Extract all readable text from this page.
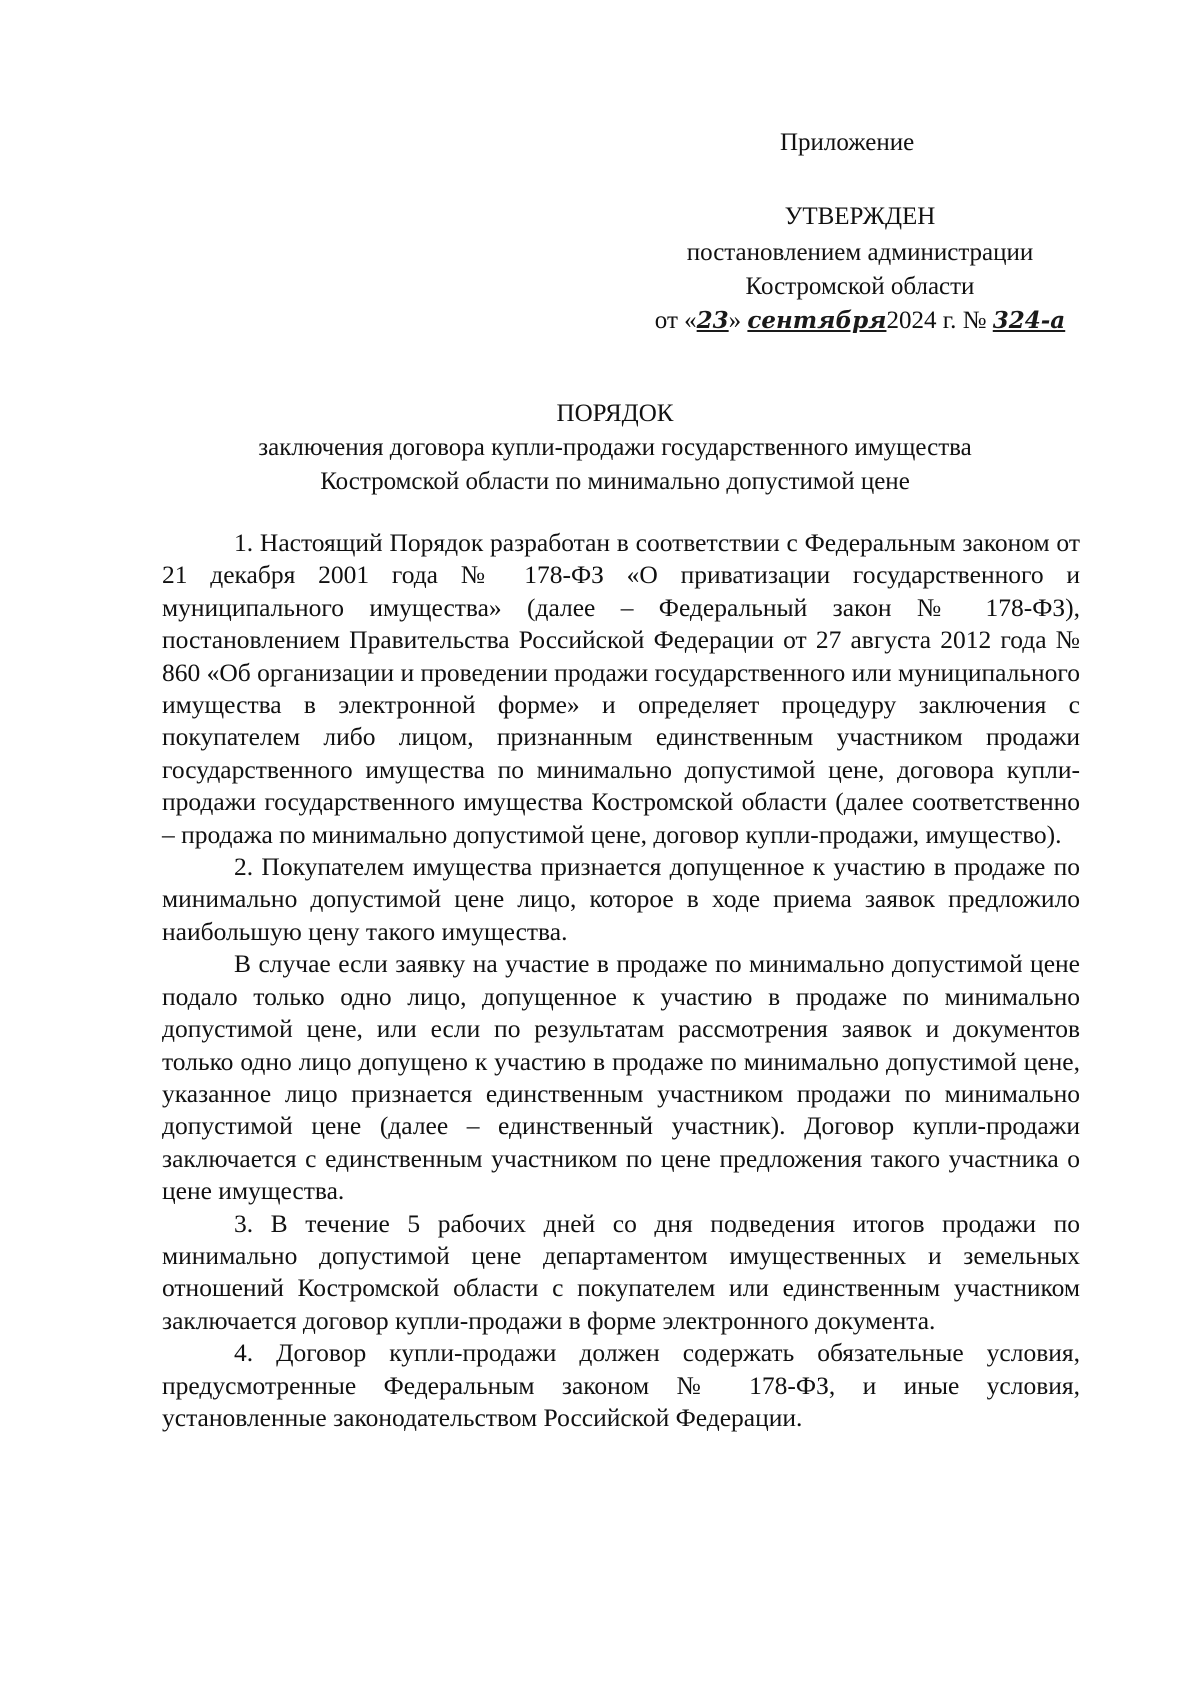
Приложение
УТВЕРЖДЕН
постановлением администрации
Костромской области
от «23» сентября2024 г. № 324-а
ПОРЯДОК
заключения договора купли-продажи государственного имущества
Костромской области по минимально допустимой цене

1. Настоящий Порядок разработан в соответствии с Федеральным законом от 21 декабря 2001 года № 178-ФЗ «О приватизации государственного и муниципального имущества» (далее – Федеральный закон № 178-ФЗ), постановлением Правительства Российской Федерации от 27 августа 2012 года № 860 «Об организации и проведении продажи государственного или муниципального имущества в электронной форме» и определяет процедуру заключения с покупателем либо лицом, признанным единственным участником продажи государственного имущества по минимально допустимой цене, договора купли-продажи государственного имущества Костромской области (далее соответственно – продажа по минимально допустимой цене, договор купли-продажи, имущество).

2. Покупателем имущества признается допущенное к участию в продаже по минимально допустимой цене лицо, которое в ходе приема заявок предложило наибольшую цену такого имущества.

В случае если заявку на участие в продаже по минимально допустимой цене подало только одно лицо, допущенное к участию в продаже по минимально допустимой цене, или если по результатам рассмотрения заявок и документов только одно лицо допущено к участию в продаже по минимально допустимой цене, указанное лицо признается единственным участником продажи по минимально допустимой цене (далее – единственный участник). Договор купли-продажи заключается с единственным участником по цене предложения такого участника о цене имущества.

3. В течение 5 рабочих дней со дня подведения итогов продажи по минимально допустимой цене департаментом имущественных и земельных отношений Костромской области с покупателем или единственным участником заключается договор купли-продажи в форме электронного документа.

4. Договор купли-продажи должен содержать обязательные условия, предусмотренные Федеральным законом № 178-ФЗ, и иные условия, установленные законодательством Российской Федерации.
